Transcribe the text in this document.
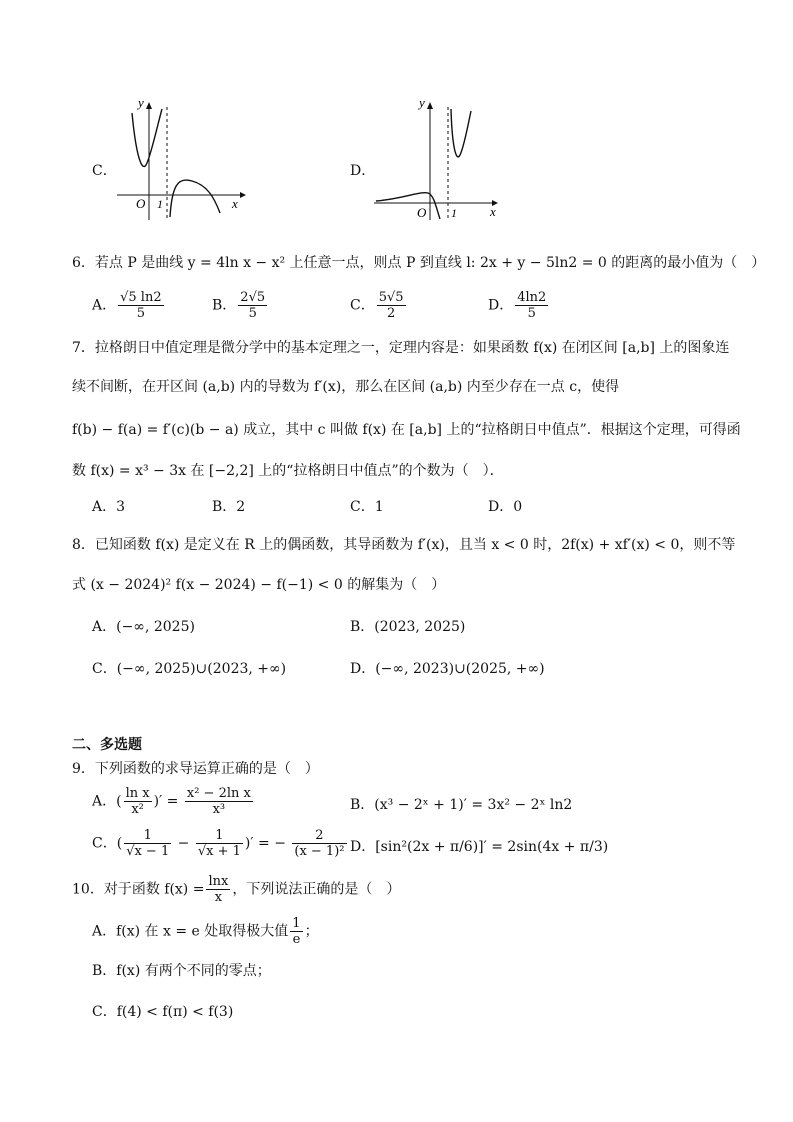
C．
y
x
O 1
D．
y
x
O 1
6．若点 P 是曲线 y = 4ln x − x² 上任意一点，则点 P 到直线 l: 2x + y − 5ln2 = 0 的距离的最小值为（　）
A． $\frac{√5 \ln 2}{5}$	B． $\frac{2√5}{5}$	C． $\frac{5√5}{2}$	D． $\frac{4\ln 2}{5}$
7．拉格朗日中值定理是微分学中的基本定理之一，定理内容是：如果函数 f(x) 在闭区间 [a,b] 上的图象连
续不间断，在开区间 (a,b) 内的导数为 f′(x)，那么在区间 (a,b) 内至少存在一点 c，使得
f(b) − f(a) = f′(c)(b − a) 成立，其中 c 叫做 f(x) 在 [a,b] 上的“拉格朗日中值点”．根据这个定理，可得函
数 f(x) = x³ − 3x 在 [−2,2] 上的“拉格朗日中值点”的个数为（　）．
A．3	B．2	C．1	D．0
8．已知函数 f(x) 是定义在 R 上的偶函数，其导函数为 f′(x)，且当 x < 0 时，2f(x) + xf′(x) < 0，则不等
式 (x − 2024)² f(x − 2024) − f(−1) < 0 的解集为（　）
A．(−∞, 2025)	B．(2023, 2025)
C．(−∞, 2025)∪(2023, +∞)	D．(−∞, 2023)∪(2025, +∞)
二、多选题
9．下列函数的求导运算正确的是（　）
A．( $\frac{\text{ln x}}{\text{x²}}$ )′ = $\frac{\text{x² − 2ln x}}{\text{x³}}$	B．(x³ − 2ˣ + 1)′ = 3x² − 2ˣ ln2
C．( $\frac{1}{√x - 1} - \frac{1}{√x + 1}$ )′ = − $\frac{2}{\text{(x − 1)²}}$ D．[sin²(2x + π/6)]′ = 2sin(4x + π/3)
10．对于函数 $f(x) = \frac{\ln x}{x}$ ，下列说法正确的是（　）
A．f(x) 在 x = e 处取得极大值 $\frac{1}{e}$ ；
B．f(x) 有两个不同的零点；
C．f(4) < f(π) < f(3)
